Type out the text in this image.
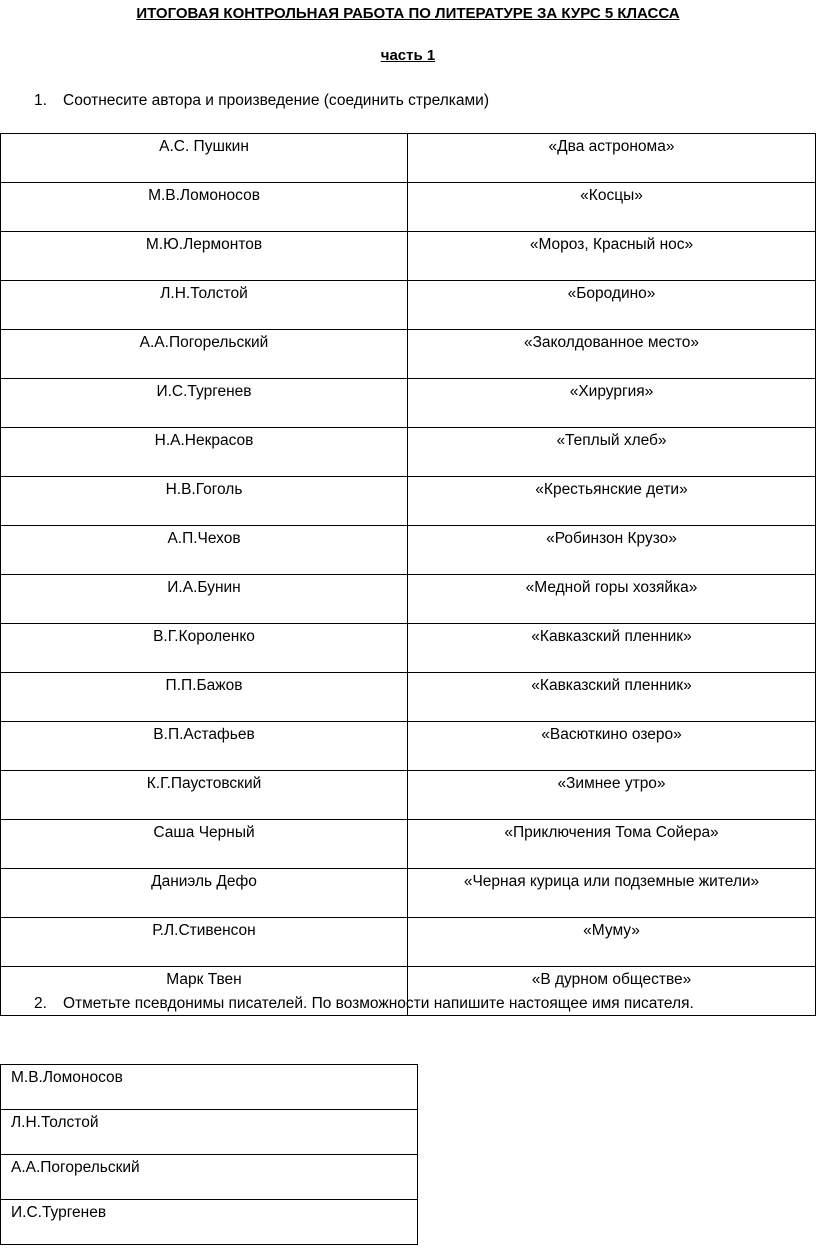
ИТОГОВАЯ КОНТРОЛЬНАЯ РАБОТА ПО ЛИТЕРАТУРЕ ЗА КУРС 5 КЛАССА

часть 1

1. Соотнесите автора и произведение (соединить стрелками)

А.С. Пушкин	«Два астронома»
М.В.Ломоносов	«Косцы»
М.Ю.Лермонтов	«Мороз, Красный нос»
Л.Н.Толстой	«Бородино»
А.А.Погорельский	«Заколдованное место»
И.С.Тургенев	«Хирургия»
Н.А.Некрасов	«Теплый хлеб»
Н.В.Гоголь	«Крестьянские дети»
А.П.Чехов	«Робинзон Крузо»
И.А.Бунин	«Медной горы хозяйка»
В.Г.Короленко	«Кавказский пленник»
П.П.Бажов	«Кавказский пленник»
В.П.Астафьев	«Васюткино озеро»
К.Г.Паустовский	«Зимнее утро»
Саша Черный	«Приключения Тома Сойера»
Даниэль Дефо	«Черная курица или подземные жители»
Р.Л.Стивенсон	«Муму»
Марк Твен	«В дурном обществе»

2. Отметьте псевдонимы писателей. По возможности напишите настоящее имя писателя.

М.В.Ломоносов
Л.Н.Толстой
А.А.Погорельский
И.С.Тургенев
